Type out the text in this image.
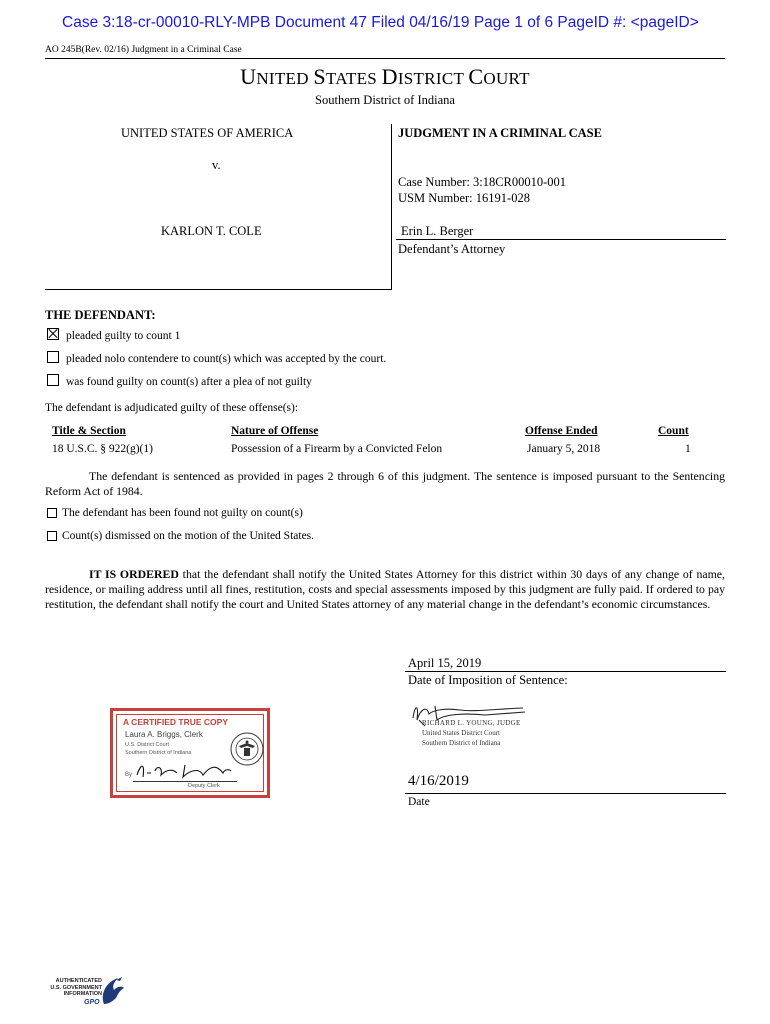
Case 3:18-cr-00010-RLY-MPB Document 47 Filed 04/16/19 Page 1 of 6 PageID #: <pageID>
AO 245B(Rev. 02/16) Judgment in a Criminal Case
UNITED STATES DISTRICT COURT
Southern District of Indiana
UNITED STATES OF AMERICA
v.
KARLON T. COLE
JUDGMENT IN A CRIMINAL CASE
Case Number: 3:18CR00010-001
USM Number: 16191-028
Erin L. Berger
Defendant’s Attorney
THE DEFENDANT:
pleaded guilty to count 1
pleaded nolo contendere to count(s) which was accepted by the court.
was found guilty on count(s) after a plea of not guilty
The defendant is adjudicated guilty of these offense(s):
Title & Section	Nature of Offense	Offense Ended	Count
18 U.S.C. § 922(g)(1)	Possession of a Firearm by a Convicted Felon	January 5, 2018	1
The defendant is sentenced as provided in pages 2 through 6 of this judgment. The sentence is imposed pursuant to the Sentencing Reform Act of 1984.
The defendant has been found not guilty on count(s)
Count(s) dismissed on the motion of the United States.
IT IS ORDERED that the defendant shall notify the United States Attorney for this district within 30 days of any change of name, residence, or mailing address until all fines, restitution, costs and special assessments imposed by this judgment are fully paid. If ordered to pay restitution, the defendant shall notify the court and United States attorney of any material change in the defendant’s economic circumstances.
April 15, 2019
Date of Imposition of Sentence:
RICHARD L. YOUNG, JUDGE
United States District Court
Southern District of Indiana
4/16/2019
Date
A CERTIFIED TRUE COPY
Laura A. Briggs, Clerk
U.S. District Court
Southern District of Indiana
By
Deputy Clerk
AUTHENTICATED
U.S. GOVERNMENT
INFORMATION
GPO
